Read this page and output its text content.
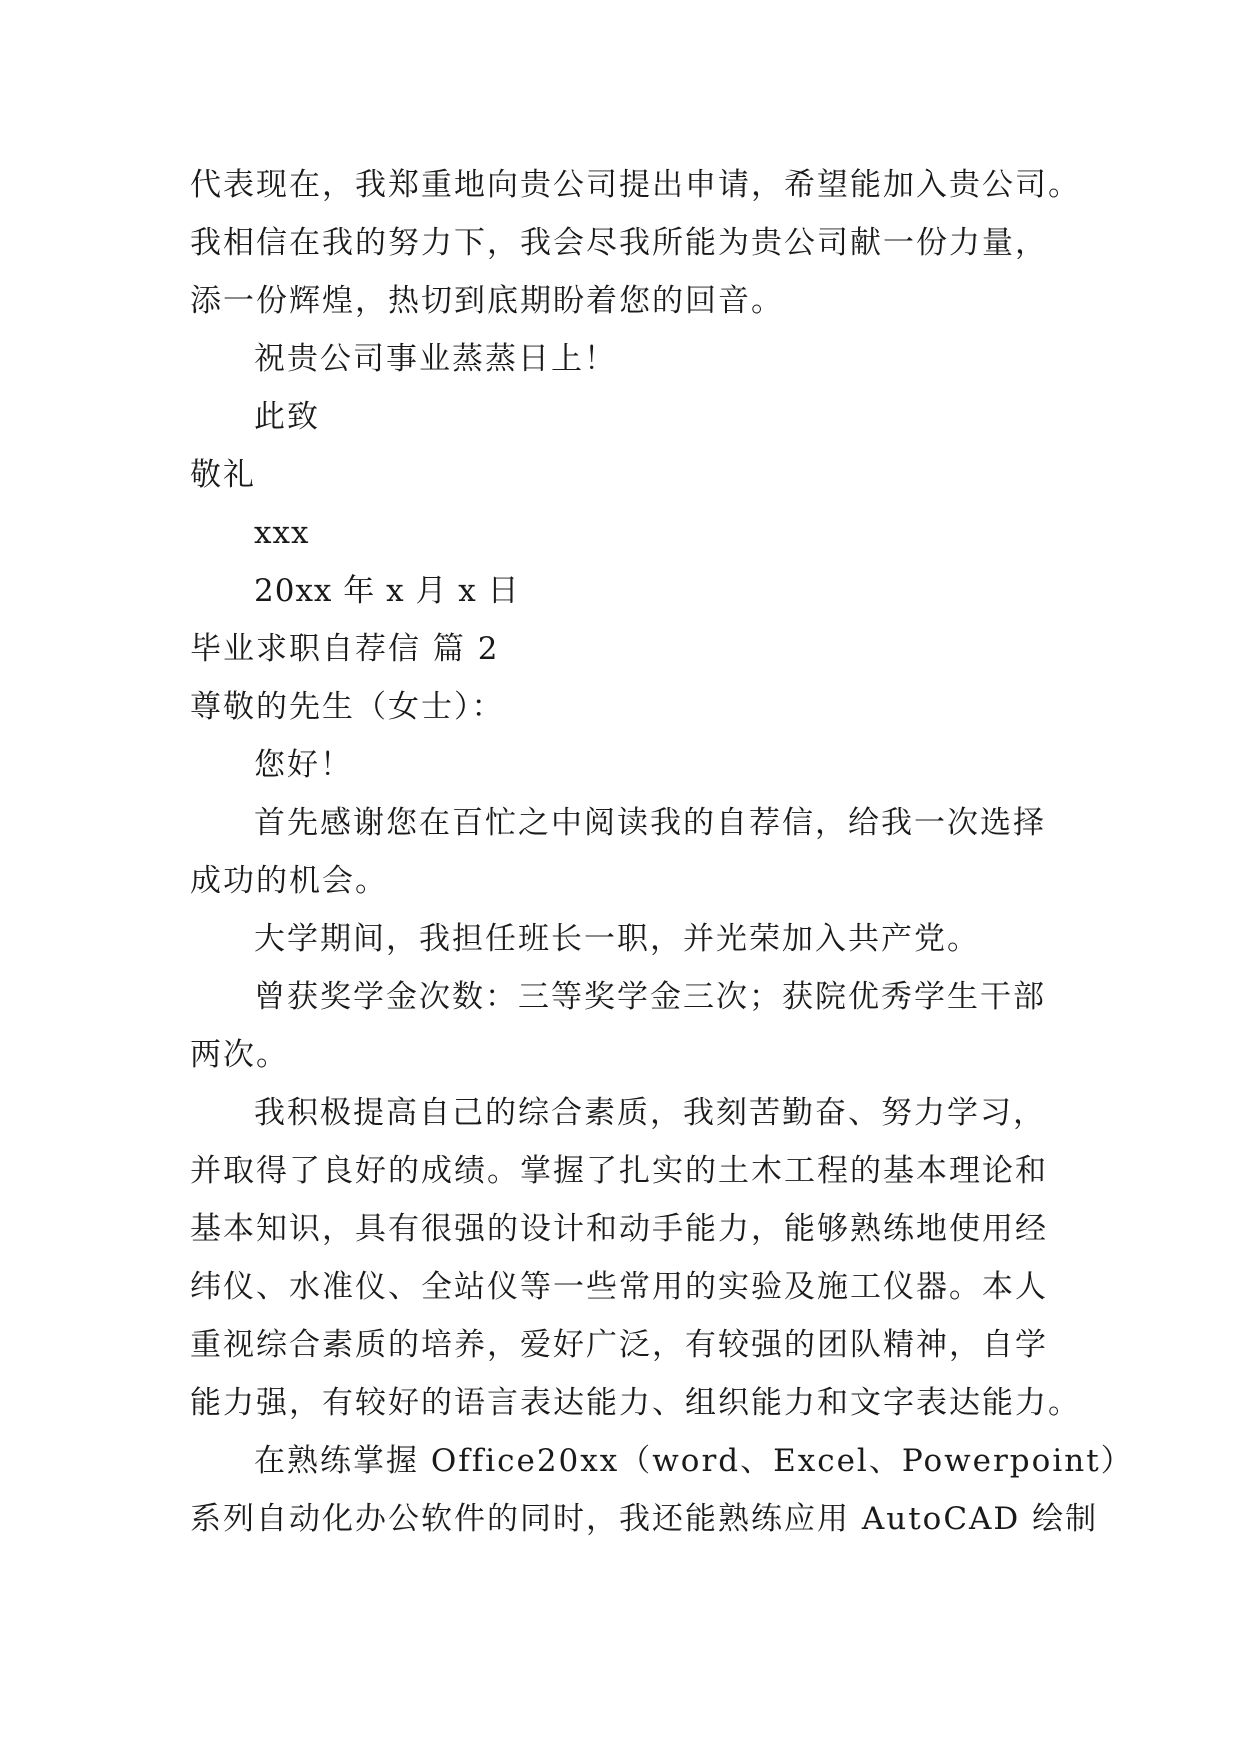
代表现在，我郑重地向贵公司提出申请，希望能加入贵公司。
我相信在我的努力下，我会尽我所能为贵公司献一份力量，
添一份辉煌，热切到底期盼着您的回音。
祝贵公司事业蒸蒸日上！
此致
敬礼
xxx
20xx 年 x 月 x 日
毕业求职自荐信 篇 2
尊敬的先生（女士）：
您好！
首先感谢您在百忙之中阅读我的自荐信，给我一次选择
成功的机会。
大学期间，我担任班长一职，并光荣加入共产党。
曾获奖学金次数：三等奖学金三次；获院优秀学生干部
两次。
我积极提高自己的综合素质，我刻苦勤奋、努力学习，
并取得了良好的成绩。掌握了扎实的土木工程的基本理论和
基本知识，具有很强的设计和动手能力，能够熟练地使用经
纬仪、水准仪、全站仪等一些常用的实验及施工仪器。本人
重视综合素质的培养，爱好广泛，有较强的团队精神，自学
能力强，有较好的语言表达能力、组织能力和文字表达能力。
在熟练掌握 Office20xx（word、Excel、Powerpoint）
系列自动化办公软件的同时，我还能熟练应用 AutoCAD 绘制
